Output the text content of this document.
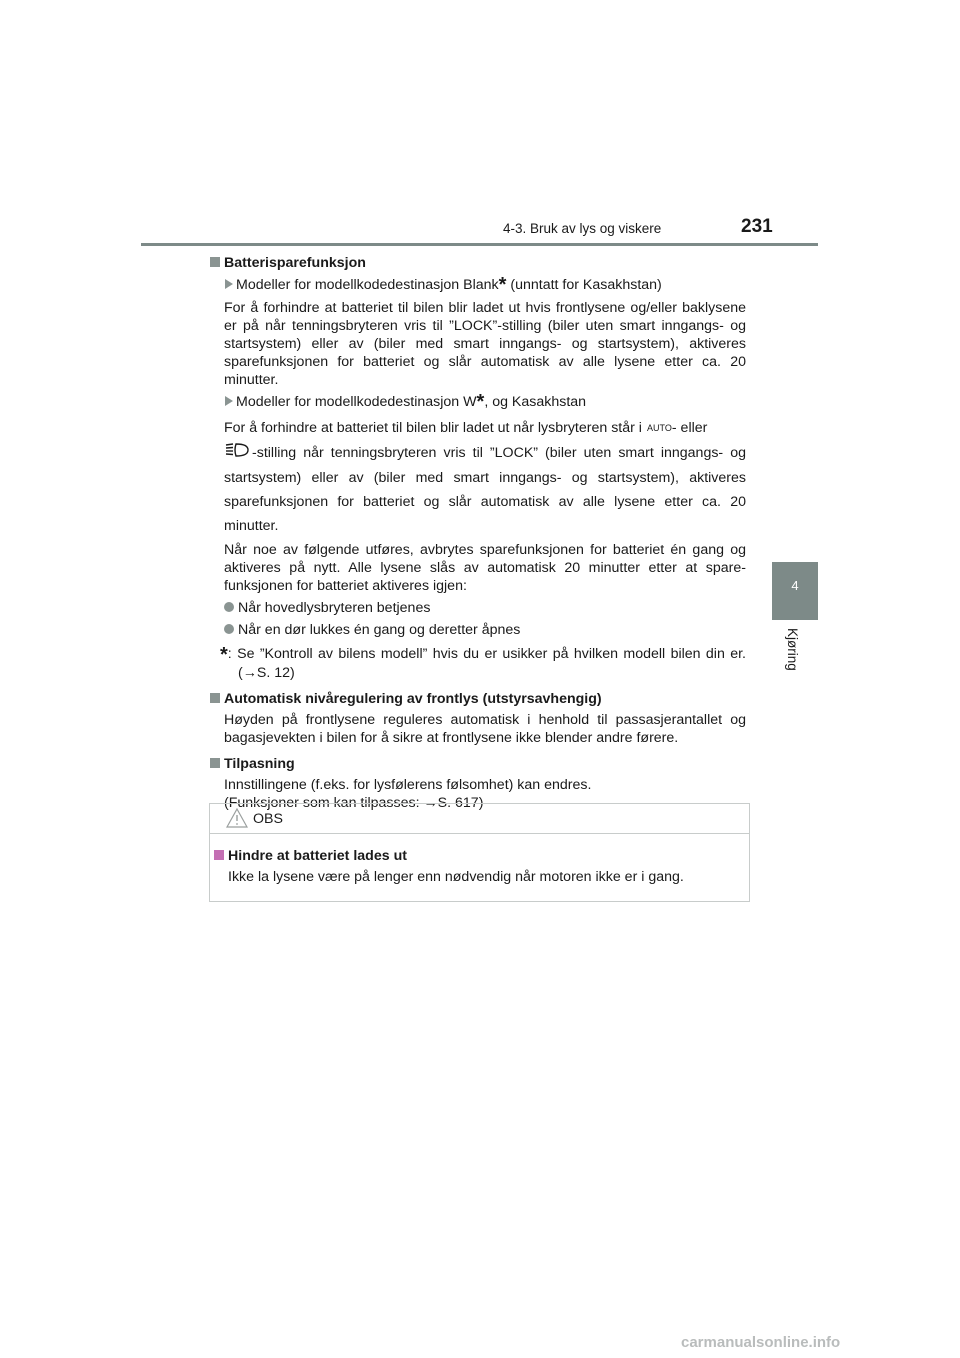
4-3. Bruk av lys og viskere	231
4
Kjøring
Batterisparefunksjon
Modeller for modellkodedestinasjon Blank* (unntatt for Kasakhstan)
For å forhindre at batteriet til bilen blir ladet ut hvis frontlysene og/eller baklysene er på når tenningsbryteren vris til ”LOCK”-stilling (biler uten smart inngangs- og startsystem) eller av (biler med smart inngangs- og startsystem), aktiveres sparefunksjonen for batteriet og slår automatisk av alle lysene etter ca. 20 minutter.
Modeller for modellkodedestinasjon W*, og Kasakhstan
For å forhindre at batteriet til bilen blir ladet ut når lysbryteren står i AUTO - eller
-stilling når tenningsbryteren vris til ”LOCK” (biler uten smart inngangs- og startsystem) eller av (biler med smart inngangs- og startsystem), aktiveres sparefunksjonen for batteriet og slår automatisk av alle lysene etter ca. 20 minutter.
Når noe av følgende utføres, avbrytes sparefunksjonen for batteriet én gang og aktiveres på nytt. Alle lysene slås av automatisk 20 minutter etter at sparefunksjonen for batteriet aktiveres igjen:
Når hovedlysbryteren betjenes
Når en dør lukkes én gang og deretter åpnes
*: Se ”Kontroll av bilens modell” hvis du er usikker på hvilken modell bilen din er. (→S. 12)
Automatisk nivåregulering av frontlys (utstyrsavhengig)
Høyden på frontlysene reguleres automatisk i henhold til passasjerantallet og bagasjevekten i bilen for å sikre at frontlysene ikke blender andre førere.
Tilpasning
Innstillingene (f.eks. for lysfølerens følsomhet) kan endres.
(Funksjoner som kan tilpasses: →S. 617)
OBS
Hindre at batteriet lades ut
Ikke la lysene være på lenger enn nødvendig når motoren ikke er i gang.
carmanualsonline.info
